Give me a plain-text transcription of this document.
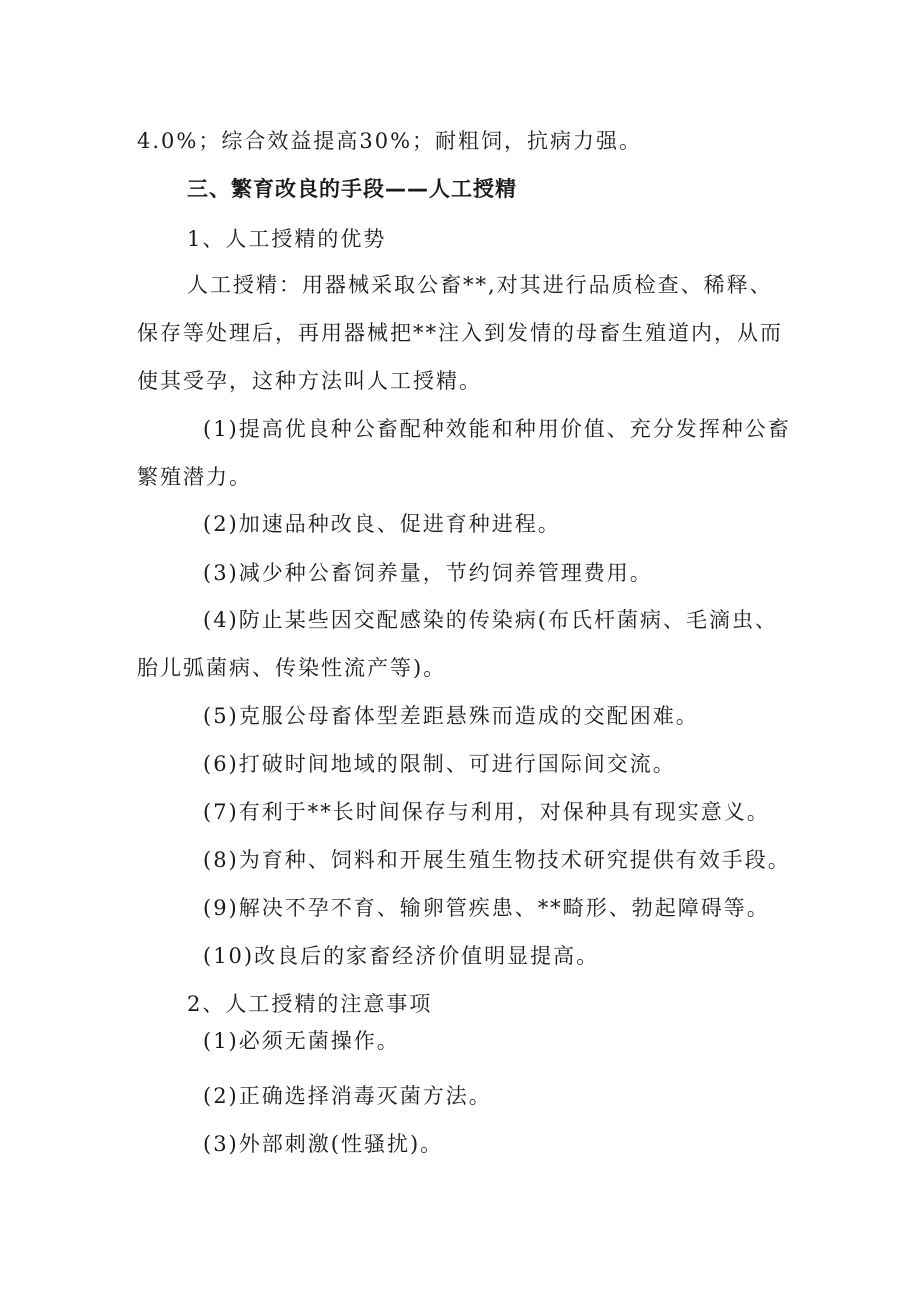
4.0%；综合效益提高30%；耐粗饲，抗病力强。
三、繁育改良的手段——人工授精
1、人工授精的优势
人工授精：用器械采取公畜**,对其进行品质检查、稀释、
保存等处理后，再用器械把**注入到发情的母畜生殖道内，从而
使其受孕，这种方法叫人工授精。
(1)提高优良种公畜配种效能和种用价值、充分发挥种公畜
繁殖潜力。
(2)加速品种改良、促进育种进程。
(3)减少种公畜饲养量，节约饲养管理费用。
(4)防止某些因交配感染的传染病(布氏杆菌病、毛滴虫、
胎儿弧菌病、传染性流产等)。
(5)克服公母畜体型差距悬殊而造成的交配困难。
(6)打破时间地域的限制、可进行国际间交流。
(7)有利于**长时间保存与利用，对保种具有现实意义。
(8)为育种、饲料和开展生殖生物技术研究提供有效手段。
(9)解决不孕不育、输卵管疾患、**畸形、勃起障碍等。
(10)改良后的家畜经济价值明显提高。
2、人工授精的注意事项
(1)必须无菌操作。
(2)正确选择消毒灭菌方法。
(3)外部刺激(性骚扰)。
